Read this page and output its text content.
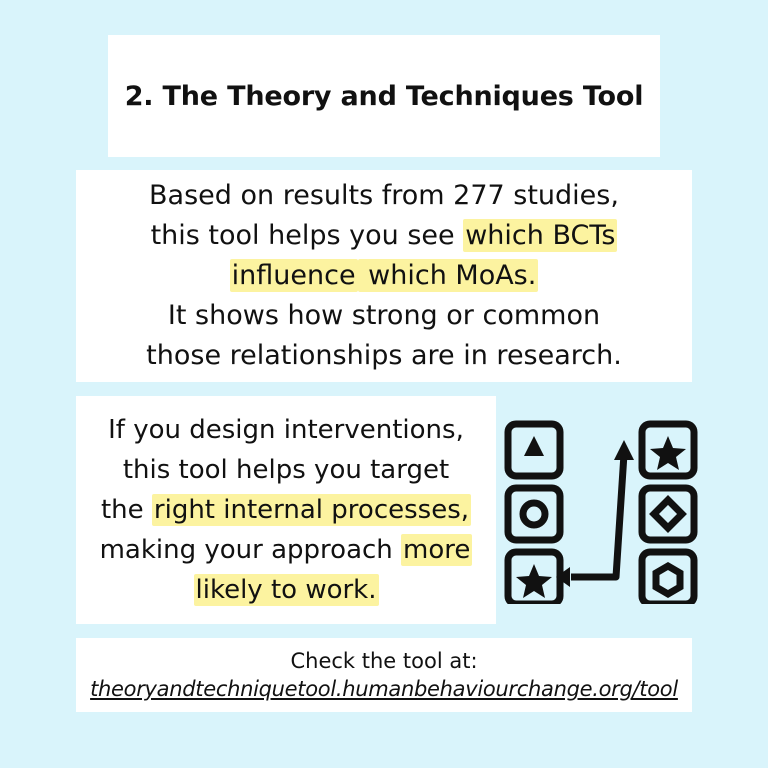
2. The Theory and Techniques Tool
Based on results from 277 studies,
this tool helps you see which BCTs
influence which MoAs.
It shows how strong or common
those relationships are in research.
If you design interventions,
this tool helps you target
the right internal processes,
making your approach more
likely to work.
Check the tool at:
theoryandtechniquetool.humanbehaviourchange.org/tool
